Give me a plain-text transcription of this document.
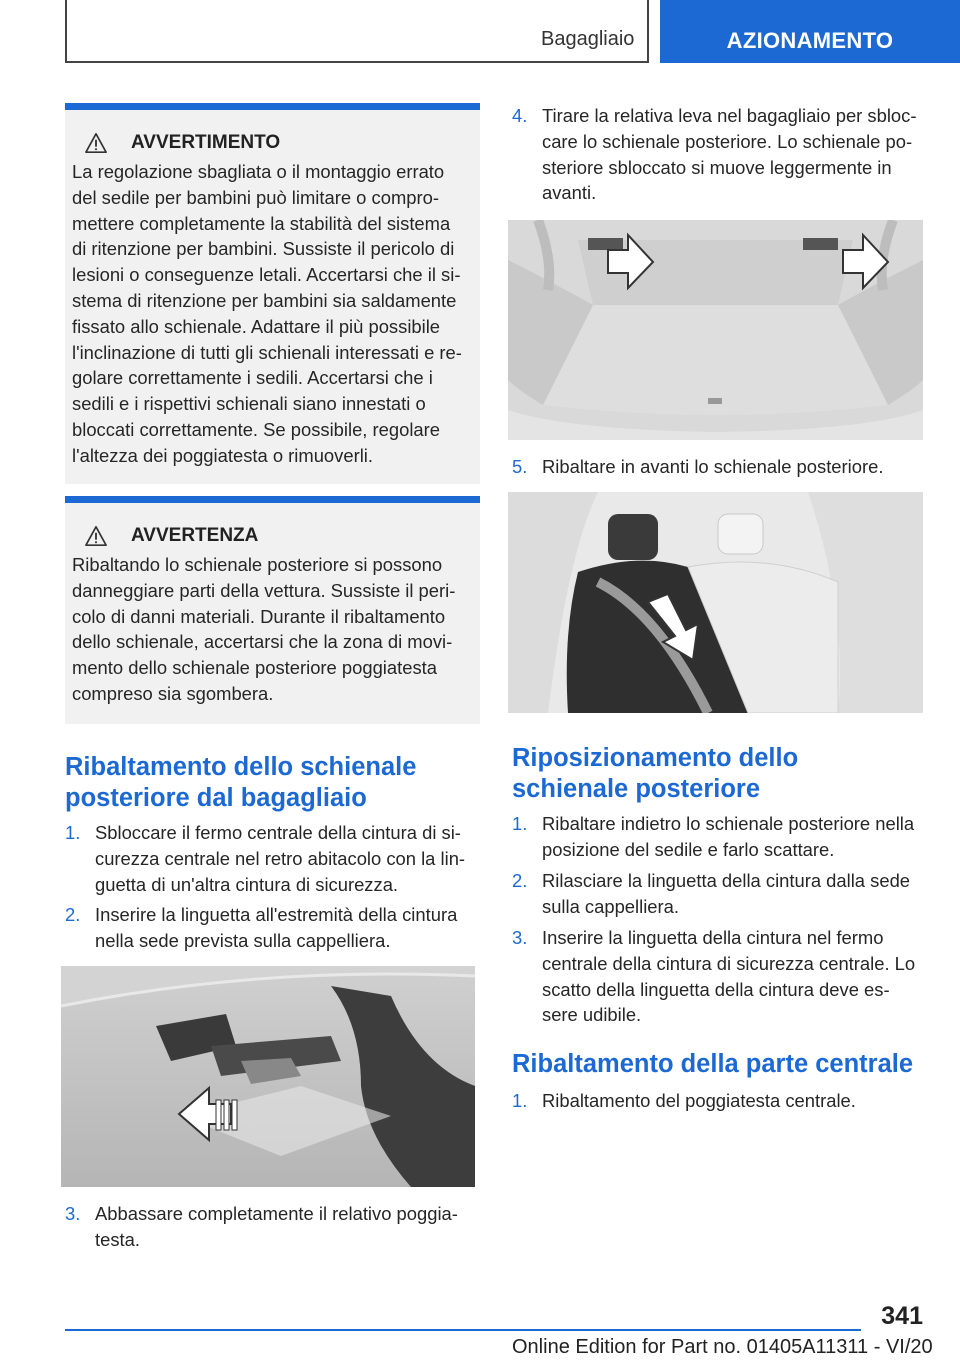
Bagagliaio	AZIONAMENTO
AVVERTIMENTO
La regolazione sbagliata o il montaggio errato
del sedile per bambini può limitare o compro-
mettere completamente la stabilità del sistema
di ritenzione per bambini. Sussiste il pericolo di
lesioni o conseguenze letali. Accertarsi che il si-
stema di ritenzione per bambini sia saldamente
fissato allo schienale. Adattare il più possibile
l'inclinazione di tutti gli schienali interessati e re-
golare correttamente i sedili. Accertarsi che i
sedili e i rispettivi schienali siano innestati o
bloccati correttamente. Se possibile, regolare
l'altezza dei poggiatesta o rimuoverli.
AVVERTENZA
Ribaltando lo schienale posteriore si possono
danneggiare parti della vettura. Sussiste il peri-
colo di danni materiali. Durante il ribaltamento
dello schienale, accertarsi che la zona di movi-
mento dello schienale posteriore poggiatesta
compreso sia sgombera.
Ribaltamento dello schienale
posteriore dal bagagliaio
1. Sbloccare il fermo centrale della cintura di si-
curezza centrale nel retro abitacolo con la lin-
guetta di un'altra cintura di sicurezza.
2. Inserire la linguetta all'estremità della cintura
nella sede prevista sulla cappelliera.
3. Abbassare completamente il relativo poggia-
testa.
4. Tirare la relativa leva nel bagagliaio per sbloc-
care lo schienale posteriore. Lo schienale po-
steriore sbloccato si muove leggermente in
avanti.
5. Ribaltare in avanti lo schienale posteriore.
Riposizionamento dello
schienale posteriore
1. Ribaltare indietro lo schienale posteriore nella
posizione del sedile e farlo scattare.
2. Rilasciare la linguetta della cintura dalla sede
sulla cappelliera.
3. Inserire la linguetta della cintura nel fermo
centrale della cintura di sicurezza centrale. Lo
scatto della linguetta della cintura deve es-
sere udibile.
Ribaltamento della parte centrale
1. Ribaltamento del poggiatesta centrale.
341
Online Edition for Part no. 01405A11311 - VI/20
